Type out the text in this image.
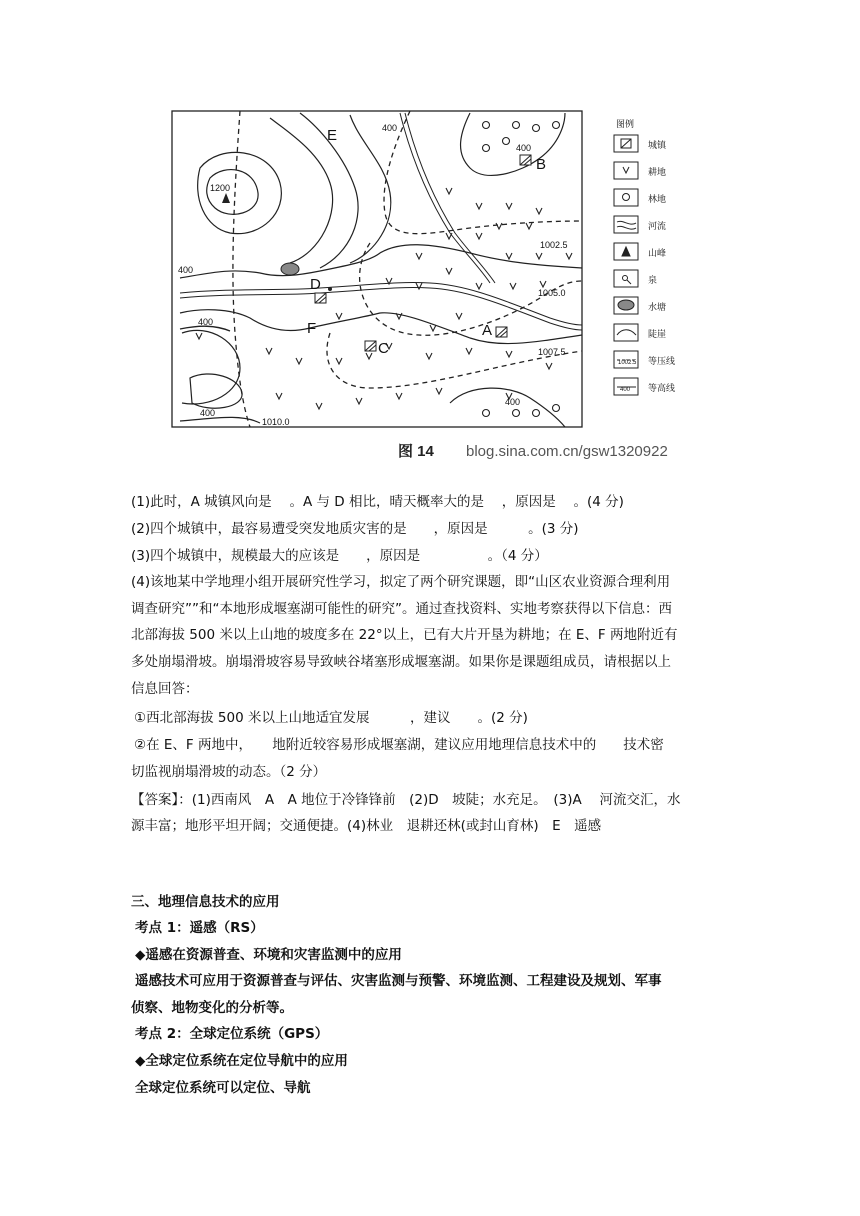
E
B
D
F
C
A
1200
400
400
400
400
400
400
1002.5
1005.0
1007.5
1010.0
图例
1002.5
400
城镇
耕地
林地
河流
山峰
泉
水塘
陡崖
等压线
等高线
图 14 blog.sina.com.cn/gsw1320922

(1)此时，A 城镇风向是　 。A 与 D 相比，晴天概率大的是　 ，原因是　 。(4 分)

(2)四个城镇中，最容易遭受突发地质灾害的是　　，原因是　　　。(3 分)

(3)四个城镇中，规模最大的应该是　　，原因是　　　　　。（4 分）

(4)该地某中学地理小组开展研究性学习，拟定了两个研究课题，即“山区农业资源合理利用

调查研究””和“本地形成堰塞湖可能性的研究”。通过查找资料、实地考察获得以下信息：西

北部海拔 500 米以上山地的坡度多在 22°以上，已有大片开垦为耕地；在 E、F 两地附近有

多处崩塌滑坡。崩塌滑坡容易导致峡谷堵塞形成堰塞湖。如果你是课题组成员，请根据以上

信息回答：

①西北部海拔 500 米以上山地适宜发展　　　，建议　　。(2 分)

②在 E、F 两地中，　　地附近较容易形成堰塞湖，建议应用地理信息技术中的　　技术密

切监视崩塌滑坡的动态。（2 分）

【答案】：(1)西南风　A　A 地位于冷锋锋前　(2)D　坡陡；水充足。　(3)A　 河流交汇，水

源丰富；地形平坦开阔；交通便捷。(4)林业　退耕还林(或封山育林)　E　遥感

三、地理信息技术的应用

考点 1：遥感（RS）

◆遥感在资源普查、环境和灾害监测中的应用

遥感技术可应用于资源普查与评估、灾害监测与预警、环境监测、工程建设及规划、军事

侦察、地物变化的分析等。

考点 2：全球定位系统（GPS）

◆全球定位系统在定位导航中的应用

全球定位系统可以定位、导航
